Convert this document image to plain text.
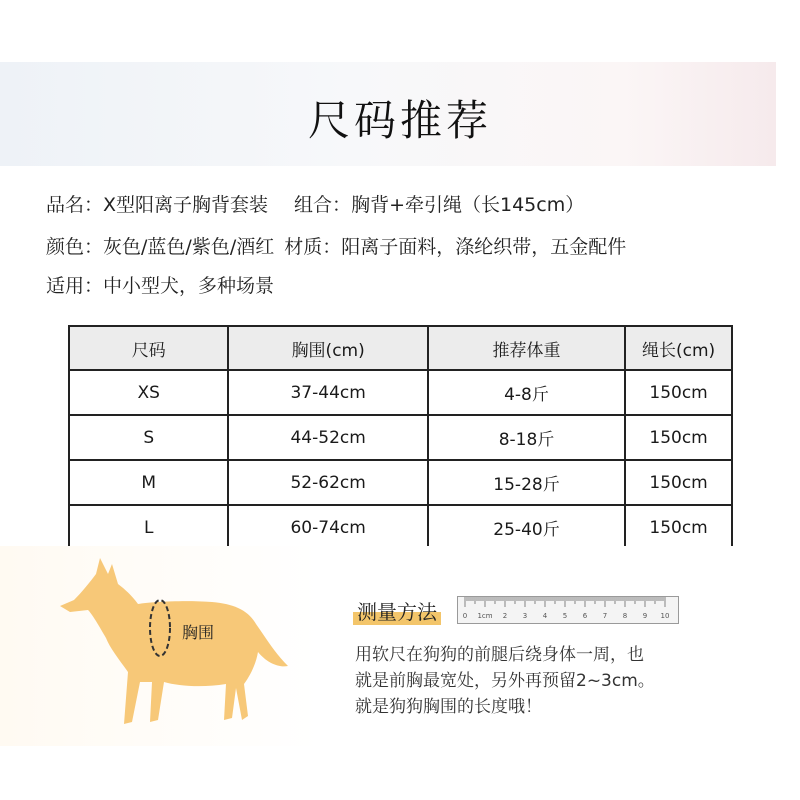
尺码推荐
品名：X型阳离子胸背套装 组合：胸背+牵引绳（长145cm）
颜色：灰色/蓝色/紫色/酒红 材质：阳离子面料，涤纶织带，五金配件
适用：中小型犬，多种场景
尺码	胸围(cm)	推荐体重	绳长(cm)
XS	37-44cm	4-8斤	150cm
S	44-52cm	8-18斤	150cm
M	52-62cm	15-28斤	150cm
L	60-74cm	25-40斤	150cm
胸围
测量方法	0 1cm 2 3 4 5 6 7 8 9 10
用软尺在狗狗的前腿后绕身体一周，也
就是前胸最宽处，另外再预留2~3cm。
就是狗狗胸围的长度哦！
